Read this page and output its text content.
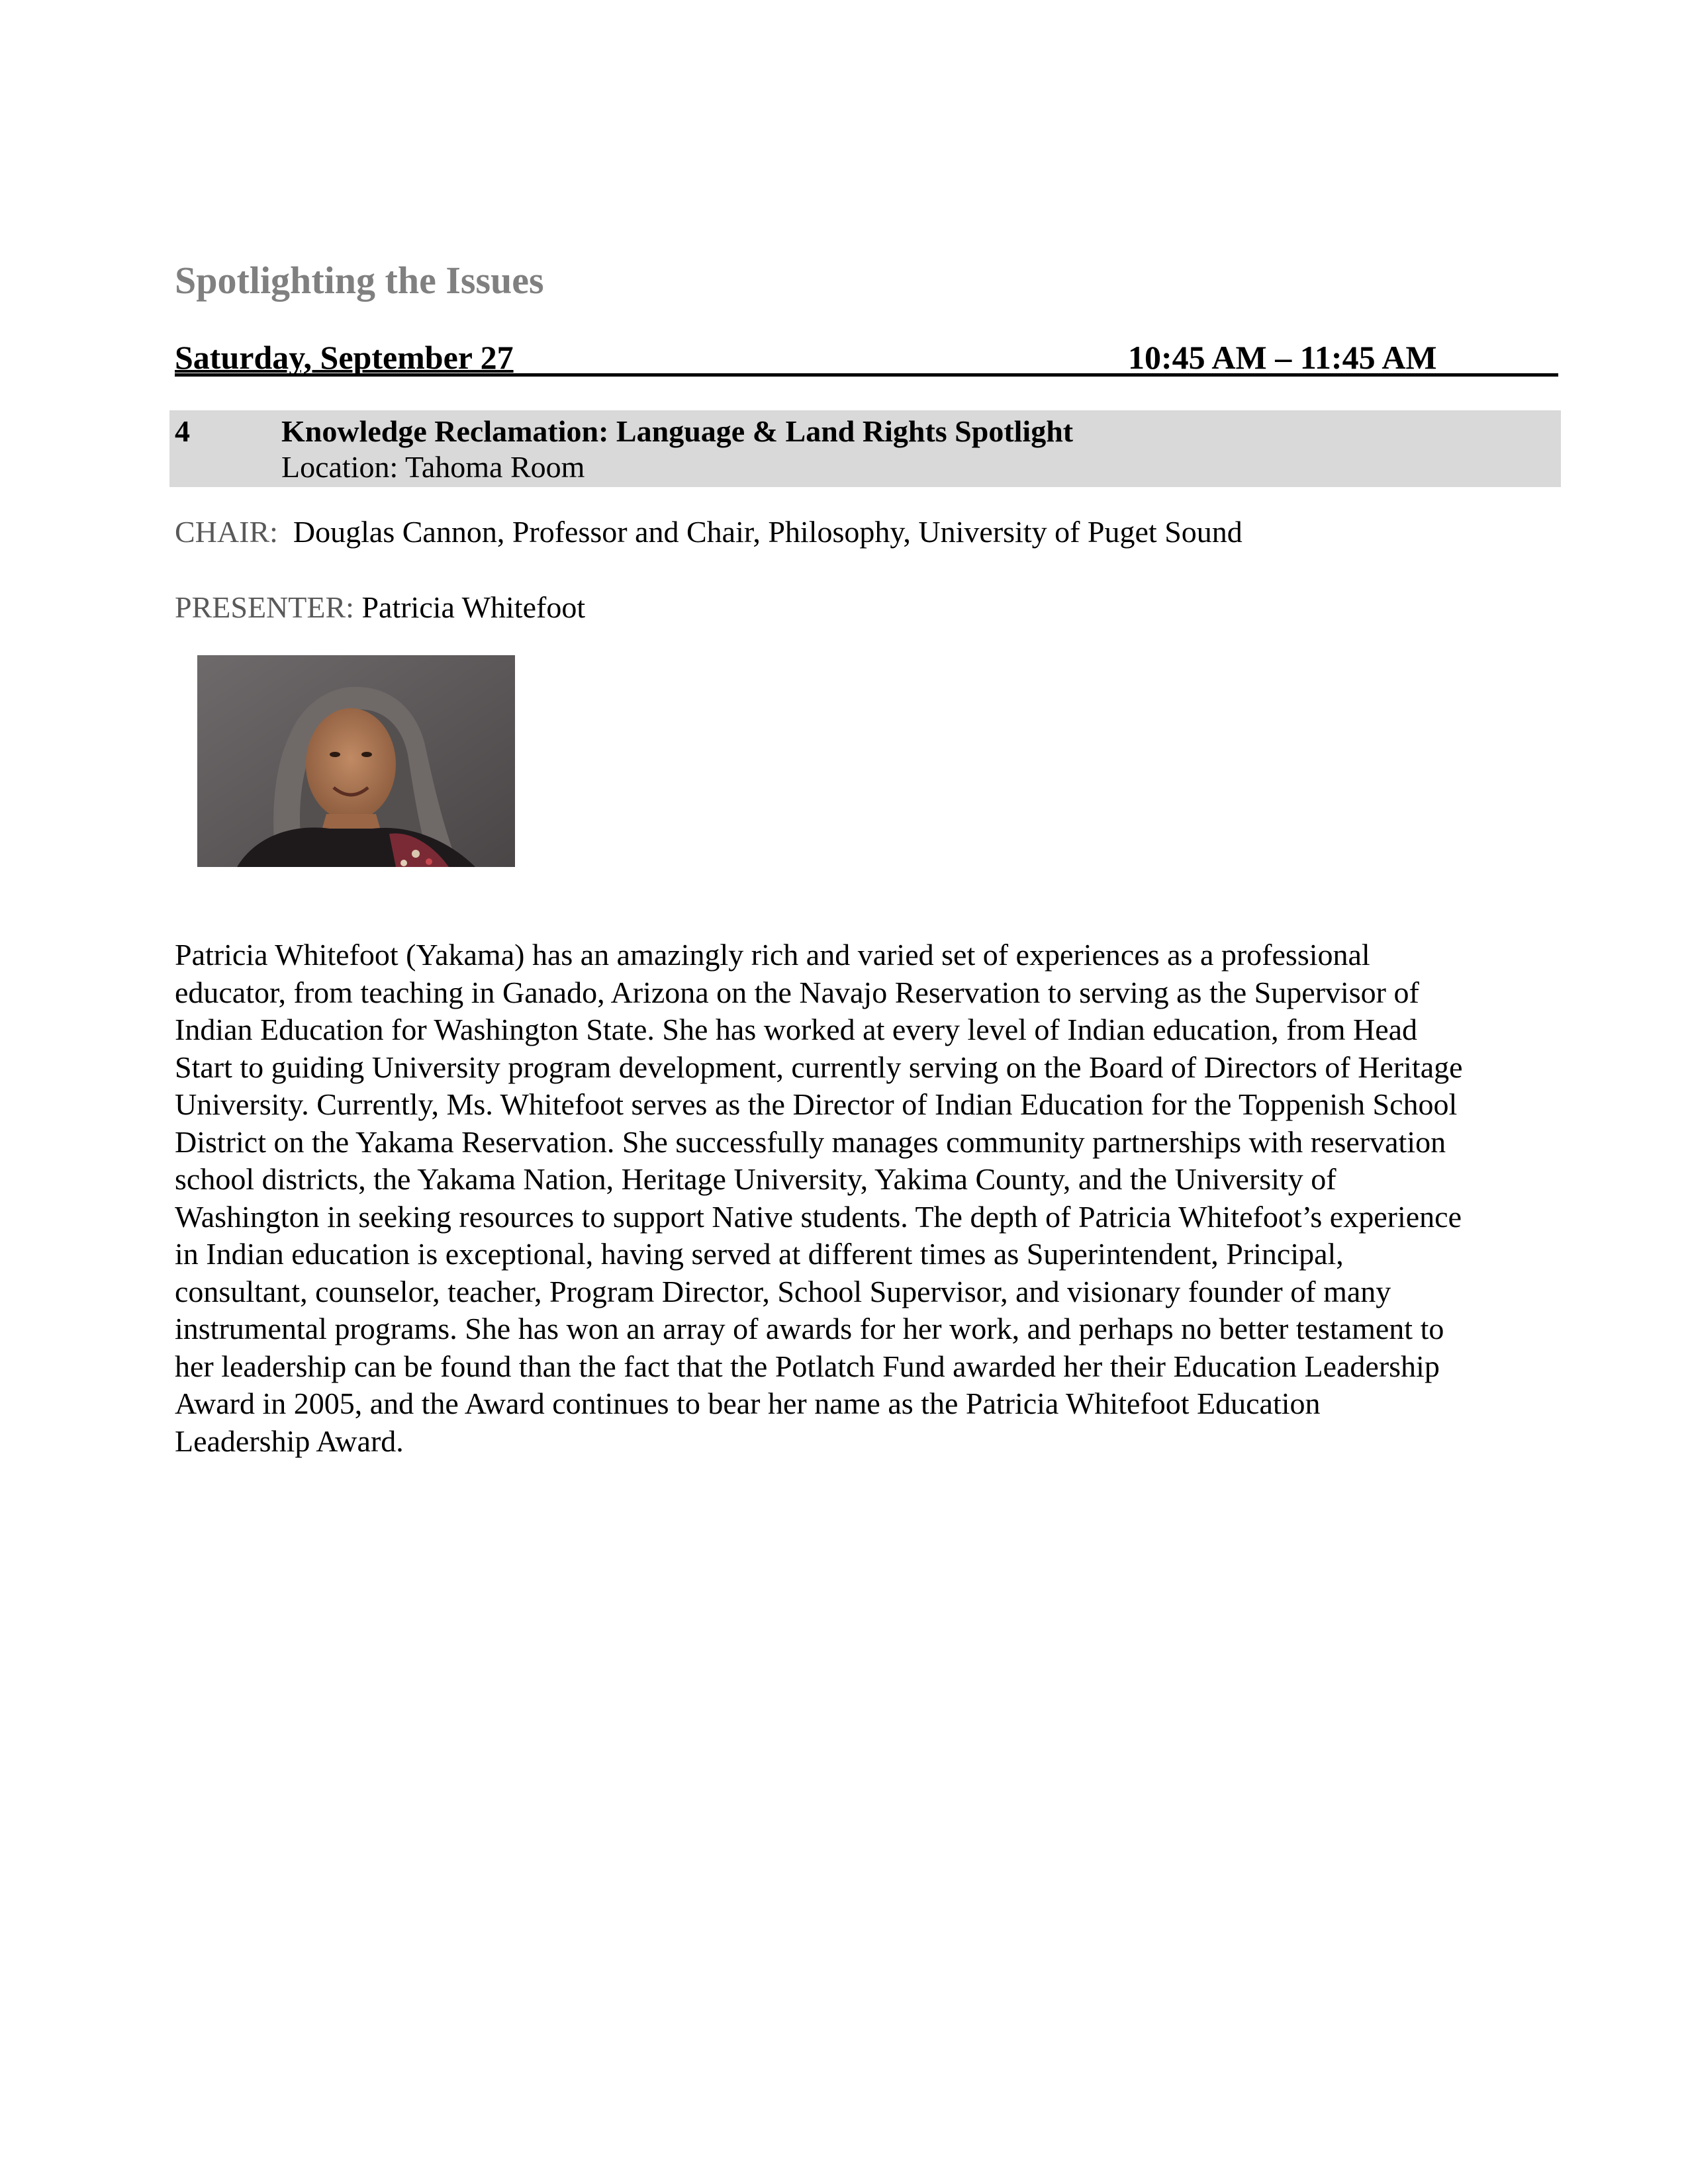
Spotlighting the Issues
Saturday, September 27	10:45 AM – 11:45 AM
4	Knowledge Reclamation: Language & Land Rights Spotlight
Location: Tahoma Room
CHAIR: Douglas Cannon, Professor and Chair, Philosophy, University of Puget Sound
PRESENTER: Patricia Whitefoot

Patricia Whitefoot (Yakama) has an amazingly rich and varied set of experiences as a professional
educator, from teaching in Ganado, Arizona on the Navajo Reservation to serving as the Supervisor of
Indian Education for Washington State. She has worked at every level of Indian education, from Head
Start to guiding University program development, currently serving on the Board of Directors of Heritage
University. Currently, Ms. Whitefoot serves as the Director of Indian Education for the Toppenish School
District on the Yakama Reservation. She successfully manages community partnerships with reservation
school districts, the Yakama Nation, Heritage University, Yakima County, and the University of
Washington in seeking resources to support Native students. The depth of Patricia Whitefoot’s experience
in Indian education is exceptional, having served at different times as Superintendent, Principal,
consultant, counselor, teacher, Program Director, School Supervisor, and visionary founder of many
instrumental programs. She has won an array of awards for her work, and perhaps no better testament to
her leadership can be found than the fact that the Potlatch Fund awarded her their Education Leadership
Award in 2005, and the Award continues to bear her name as the Patricia Whitefoot Education
Leadership Award.
